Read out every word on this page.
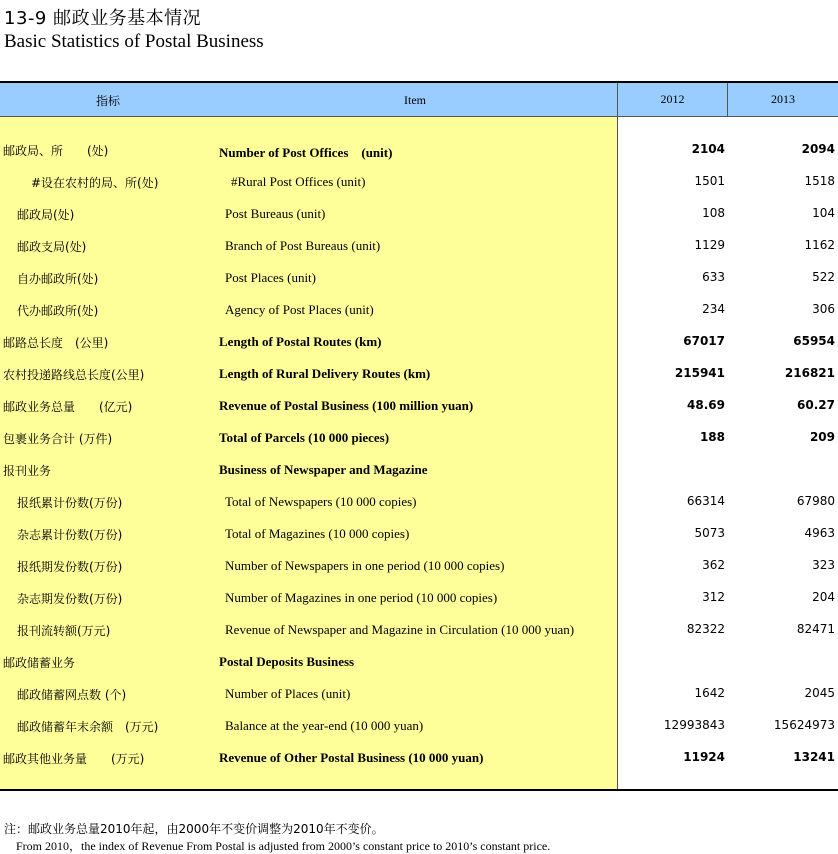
13-9 邮政业务基本情况
Basic Statistics of Postal Business
指标	Item	2012	2013
邮政局、所　　(处)	Number of Post Offices　(unit)	2104	2094
#设在农村的局、所(处)	#Rural Post Offices (unit)	1501	1518
邮政局(处)	Post Bureaus (unit)	108	104
邮政支局(处)	Branch of Post Bureaus (unit)	1129	1162
自办邮政所(处)	Post Places (unit)	633	522
代办邮政所(处)	Agency of Post Places (unit)	234	306
邮路总长度　(公里)	Length of Postal Routes (km)	67017	65954
农村投递路线总长度(公里)	Length of Rural Delivery Routes (km)	215941	216821
邮政业务总量　　(亿元)	Revenue of Postal Business (100 million yuan)	48.69	60.27
包裹业务合计 (万件)	Total of Parcels (10 000 pieces)	188	209
报刊业务	Business of Newspaper and Magazine
报纸累计份数(万份)	Total of Newspapers (10 000 copies)	66314	67980
杂志累计份数(万份)	Total of Magazines (10 000 copies)	5073	4963
报纸期发份数(万份)	Number of Newspapers in one period (10 000 copies)	362	323
杂志期发份数(万份)	Number of Magazines in one period (10 000 copies)	312	204
报刊流转额(万元)	Revenue of Newspaper and Magazine in Circulation (10 000 yuan)	82322	82471
邮政储蓄业务	Postal Deposits Business
邮政储蓄网点数 (个)	Number of Places (unit)	1642	2045
邮政储蓄年末余额　(万元)	Balance at the year-end (10 000 yuan)	12993843	15624973
邮政其他业务量　　(万元)	Revenue of Other Postal Business (10 000 yuan)	11924	13241
注：邮政业务总量2010年起，由2000年不变价调整为2010年不变价。
From 2010，the index of Revenue From Postal is adjusted from 2000’s constant price to 2010’s constant price.
